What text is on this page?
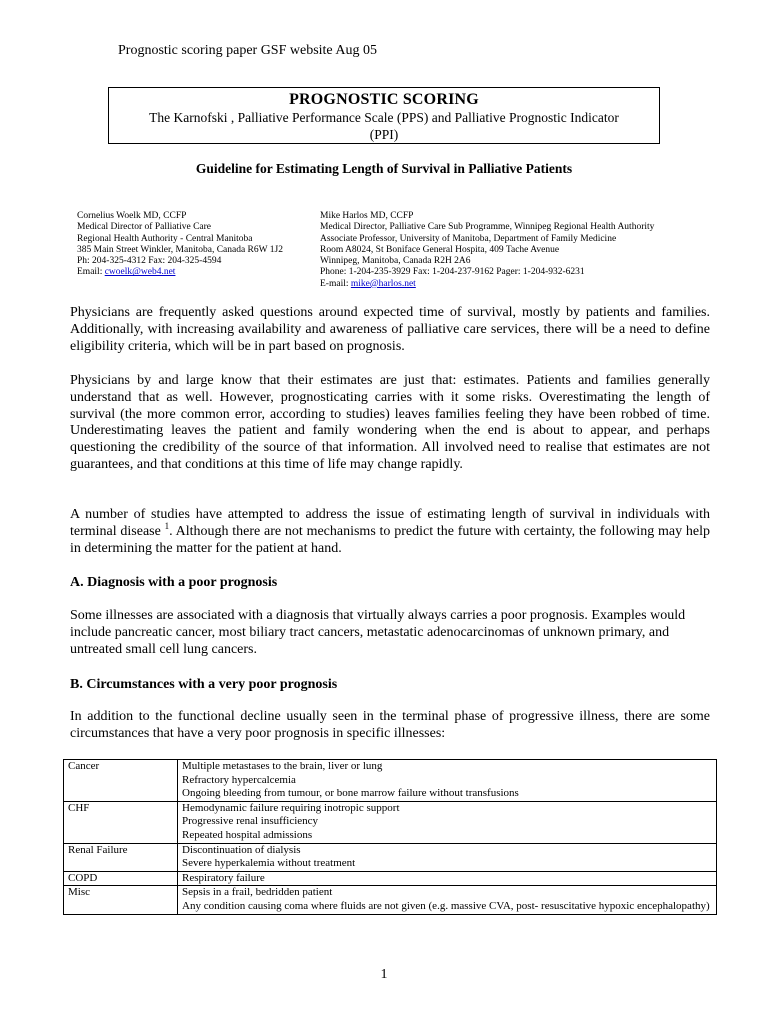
Prognostic scoring paper GSF website Aug 05
PROGNOSTIC SCORING
The Karnofski , Palliative Performance Scale (PPS) and Palliative Prognostic Indicator (PPI)
Guideline for Estimating Length of Survival in Palliative Patients
Cornelius Woelk MD, CCFP
Medical Director of Palliative Care
Regional Health Authority - Central Manitoba
385 Main Street Winkler, Manitoba, Canada R6W 1J2
Ph: 204-325-4312 Fax: 204-325-4594
Email: cwoelk@web4.net
Mike Harlos MD, CCFP
Medical Director, Palliative Care Sub Programme, Winnipeg Regional Health Authority
Associate Professor, University of Manitoba, Department of Family Medicine
Room A8024, St Boniface General Hospita, 409 Tache Avenue
Winnipeg, Manitoba, Canada R2H 2A6
Phone: 1-204-235-3929 Fax: 1-204-237-9162 Pager: 1-204-932-6231
E-mail: mike@harlos.net
Physicians are frequently asked questions around expected time of survival, mostly by patients and families. Additionally, with increasing availability and awareness of palliative care services, there will be a need to define eligibility criteria, which will be in part based on prognosis.
Physicians by and large know that their estimates are just that: estimates. Patients and families generally understand that as well. However, prognosticating carries with it some risks. Overestimating the length of survival (the more common error, according to studies) leaves families feeling they have been robbed of time. Underestimating leaves the patient and family wondering when the end is about to appear, and perhaps questioning the credibility of the source of that information. All involved need to realise that estimates are not guarantees, and that conditions at this time of life may change rapidly.
A number of studies have attempted to address the issue of estimating length of survival in individuals with terminal disease $^1$. Although there are not mechanisms to predict the future with certainty, the following may help in determining the matter for the patient at hand.
A. Diagnosis with a poor prognosis
Some illnesses are associated with a diagnosis that virtually always carries a poor prognosis. Examples would include pancreatic cancer, most biliary tract cancers, metastatic adenocarcinomas of unknown primary, and untreated small cell lung cancers.
B. Circumstances with a very poor prognosis
In addition to the functional decline usually seen in the terminal phase of progressive illness, there are some circumstances that have a very poor prognosis in specific illnesses:
Cancer	Multiple metastases to the brain, liver or lung
Refractory hypercalcemia
Ongoing bleeding from tumour, or bone marrow failure without transfusions

CHF	Hemodynamic failure requiring inotropic support
Progressive renal insufficiency
Repeated hospital admissions

Renal Failure	Discontinuation of dialysis
Severe hyperkalemia without treatment

COPD	Respiratory failure

Misc	Sepsis in a frail, bedridden patient
Any condition causing coma where fluids are not given (e.g. massive CVA, post- resuscitative hypoxic encephalopathy)
1
